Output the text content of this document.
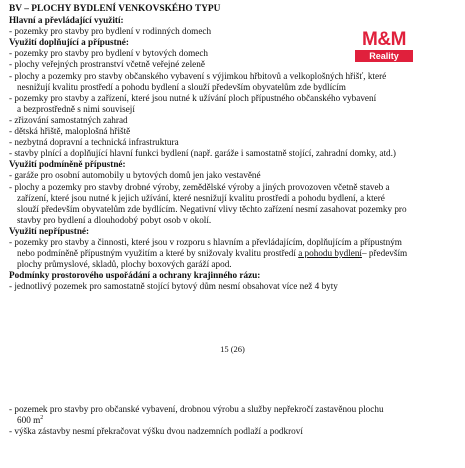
BV – PLOCHY BYDLENÍ VENKOVSKÉHO TYPU
Hlavní a převládající využití:
- pozemky pro stavby pro bydlení v rodinných domech
Využití doplňující a přípustné:
- pozemky pro stavby pro bydlení v bytových domech
- plochy veřejných prostranství včetně veřejné zeleně
- plochy a pozemky pro stavby občanského vybavení s výjimkou hřbitovů a velkoplošných hřišť, které
nesnižují kvalitu prostředí a pohodu bydlení a slouží především obyvatelům zde bydlícím
- pozemky pro stavby a zařízení, které jsou nutné k užívání ploch přípustného občanského vybavení
a bezprostředně s nimi souvisejí
- zřizování samostatných zahrad
- dětská hřiště, maloplošná hřiště
- nezbytná dopravní a technická infrastruktura
- stavby plnící a doplňující hlavní funkci bydlení (např. garáže i samostatně stojící, zahradní domky, atd.)
Využití podmíněně přípustné:
- garáže pro osobní automobily u bytových domů jen jako vestavěné
- plochy a pozemky pro stavby drobné výroby, zemědělské výroby a jiných provozoven včetně staveb a
zařízení, které jsou nutné k jejich užívání, které nesnižují kvalitu prostředí a pohodu bydlení, a které
slouží především obyvatelům zde bydlícím. Negativní vlivy těchto zařízení nesmí zasahovat pozemky pro
stavby pro bydlení a dlouhodobý pobyt osob v okolí.
Využití nepřípustné:
- pozemky pro stavby a činnosti, které jsou v rozporu s hlavním a převládajícím, doplňujícím a přípustným
nebo podmíněně přípustným využitím a které by snižovaly kvalitu prostředí a pohodu bydlení– především
plochy průmyslové, skladů, plochy boxových garáží apod.
Podmínky prostorového uspořádání a ochrany krajinného rázu:
- jednotlivý pozemek pro samostatně stojící bytový dům nesmí obsahovat více než 4 byty
M&M
Reality
15 (26)
- pozemek pro stavby pro občanské vybavení, drobnou výrobu a služby nepřekročí zastavěnou plochu
600 $m^2$
- výška zástavby nesmí překračovat výšku dvou nadzemních podlaží a podkroví
